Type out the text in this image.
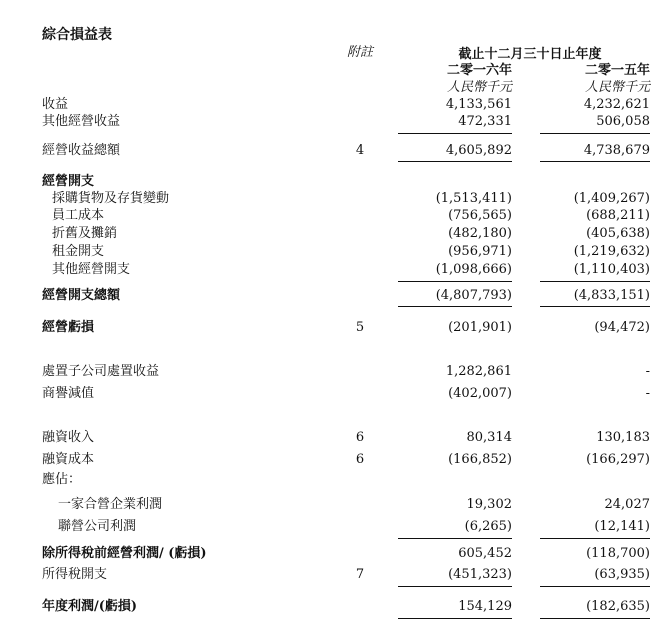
綜合損益表
附註	截止十二月三十日止年度
二零一六年	二零一五年
人民幣千元	人民幣千元
收益	4,133,561	4,232,621
其他經營收益	472,331	506,058
經營收益總額	4	4,605,892	4,738,679
經營開支
採購貨物及存貨變動	(1,513,411)	(1,409,267)
員工成本	(756,565)	(688,211)
折舊及攤銷	(482,180)	(405,638)
租金開支	(956,971)	(1,219,632)
其他經營開支	(1,098,666)	(1,110,403)
經營開支總額	(4,807,793)	(4,833,151)
經營虧損	5	(201,901)	(94,472)
處置子公司處置收益	1,282,861	-
商譽減值	(402,007)	-
融資收入	6	80,314	130,183
融資成本	6	(166,852)	(166,297)
應佔：
一家合營企業利潤	19,302	24,027
聯營公司利潤	(6,265)	(12,141)
除所得稅前經營利潤/ (虧損)	605,452	(118,700)
所得稅開支	7	(451,323)	(63,935)
年度利潤/(虧損)	154,129	(182,635)
